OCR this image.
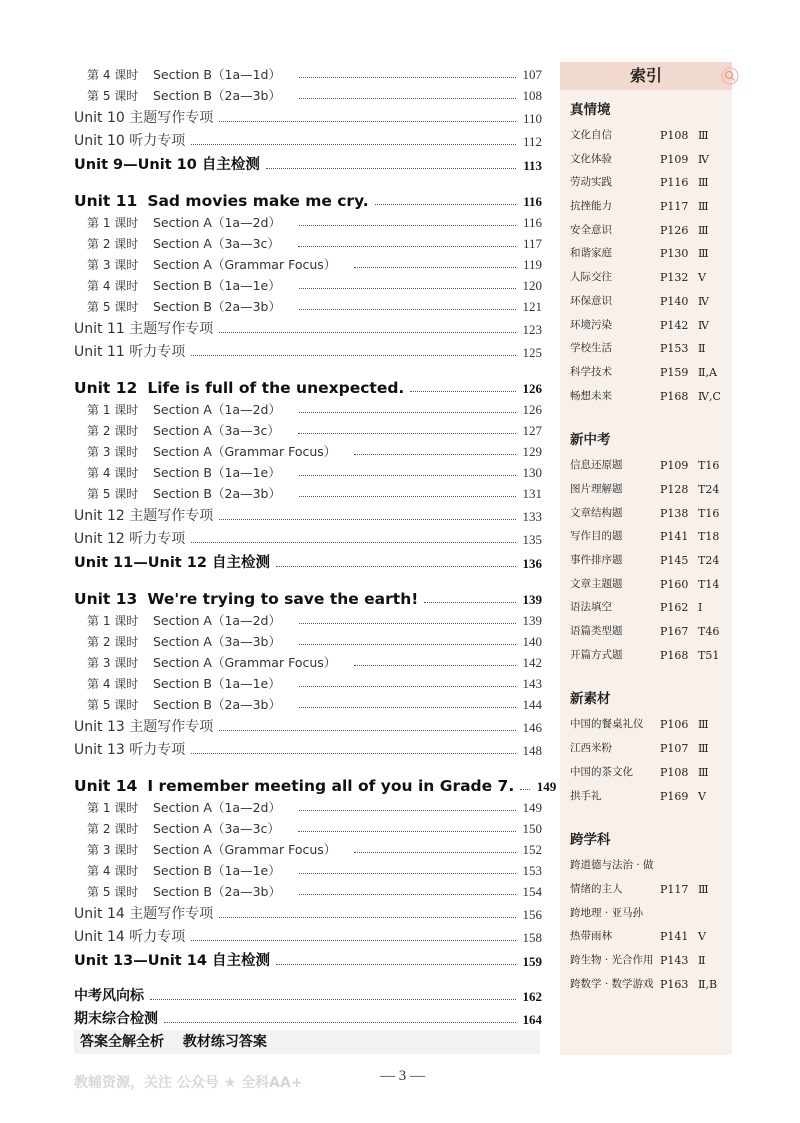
第 4 课时 Section B（1a—1d）	107
第 5 课时 Section B（2a—3b）	108
Unit 10 主题写作专项	110
Unit 10 听力专项	112
Unit 9—Unit 10 自主检测	113
Unit 11 Sad movies make me cry.	116
第 1 课时 Section A（1a—2d）	116
第 2 课时 Section A（3a—3c）	117
第 3 课时 Section A（Grammar Focus）	119
第 4 课时 Section B（1a—1e）	120
第 5 课时 Section B（2a—3b）	121
Unit 11 主题写作专项	123
Unit 11 听力专项	125
Unit 12 Life is full of the unexpected.	126
第 1 课时 Section A（1a—2d）	126
第 2 课时 Section A（3a—3c）	127
第 3 课时 Section A（Grammar Focus）	129
第 4 课时 Section B（1a—1e）	130
第 5 课时 Section B（2a—3b）	131
Unit 12 主题写作专项	133
Unit 12 听力专项	135
Unit 11—Unit 12 自主检测	136
Unit 13 We're trying to save the earth!	139
第 1 课时 Section A（1a—2d）	139
第 2 课时 Section A（3a—3b）	140
第 3 课时 Section A（Grammar Focus）	142
第 4 课时 Section B（1a—1e）	143
第 5 课时 Section B（2a—3b）	144
Unit 13 主题写作专项	146
Unit 13 听力专项	148
Unit 14 I remember meeting all of you in Grade 7. 149
第 1 课时 Section A（1a—2d）	149
第 2 课时 Section A（3a—3c）	150
第 3 课时 Section A（Grammar Focus）	152
第 4 课时 Section B（1a—1e）	153
第 5 课时 Section B（2a—3b）	154
Unit 14 主题写作专项	156
Unit 14 听力专项	158
Unit 13—Unit 14 自主检测	159
中考风向标	162
期末综合检测	164
答案全解全析 教材练习答案
教辅资源，关注 公众号 ★ 全科AA+	— 3 —
索引
真情境
文化自信	P108 Ⅲ
文化体验	P109 Ⅳ
劳动实践	P116 Ⅲ
抗挫能力	P117 Ⅲ
安全意识	P126 Ⅲ
和谐家庭	P130 Ⅲ
人际交往	P132 Ⅴ
环保意识	P140 Ⅳ
环境污染	P142 Ⅳ
学校生活	P153 Ⅱ
科学技术	P159 Ⅱ,A
畅想未来	P168 Ⅳ,C
新中考
信息还原题	P109 T16
图片理解题	P128 T24
文章结构题	P138 T16
写作目的题	P141 T18
事件排序题	P145 T24
文章主题题	P160 T14
语法填空	P162 Ⅰ
语篇类型题	P167 T46
开篇方式题	P168 T51
新素材
中国的餐桌礼仪	P106 Ⅲ
江西米粉	P107 Ⅲ
中国的茶文化	P108 Ⅲ
拱手礼	P169 Ⅴ
跨学科
跨道德与法治 · 做
情绪的主人	P117 Ⅲ
跨地理 · 亚马孙
热带雨林	P141 Ⅴ
跨生物 · 光合作用 P143 Ⅱ
跨数学 · 数学游戏 P163 Ⅱ,B
